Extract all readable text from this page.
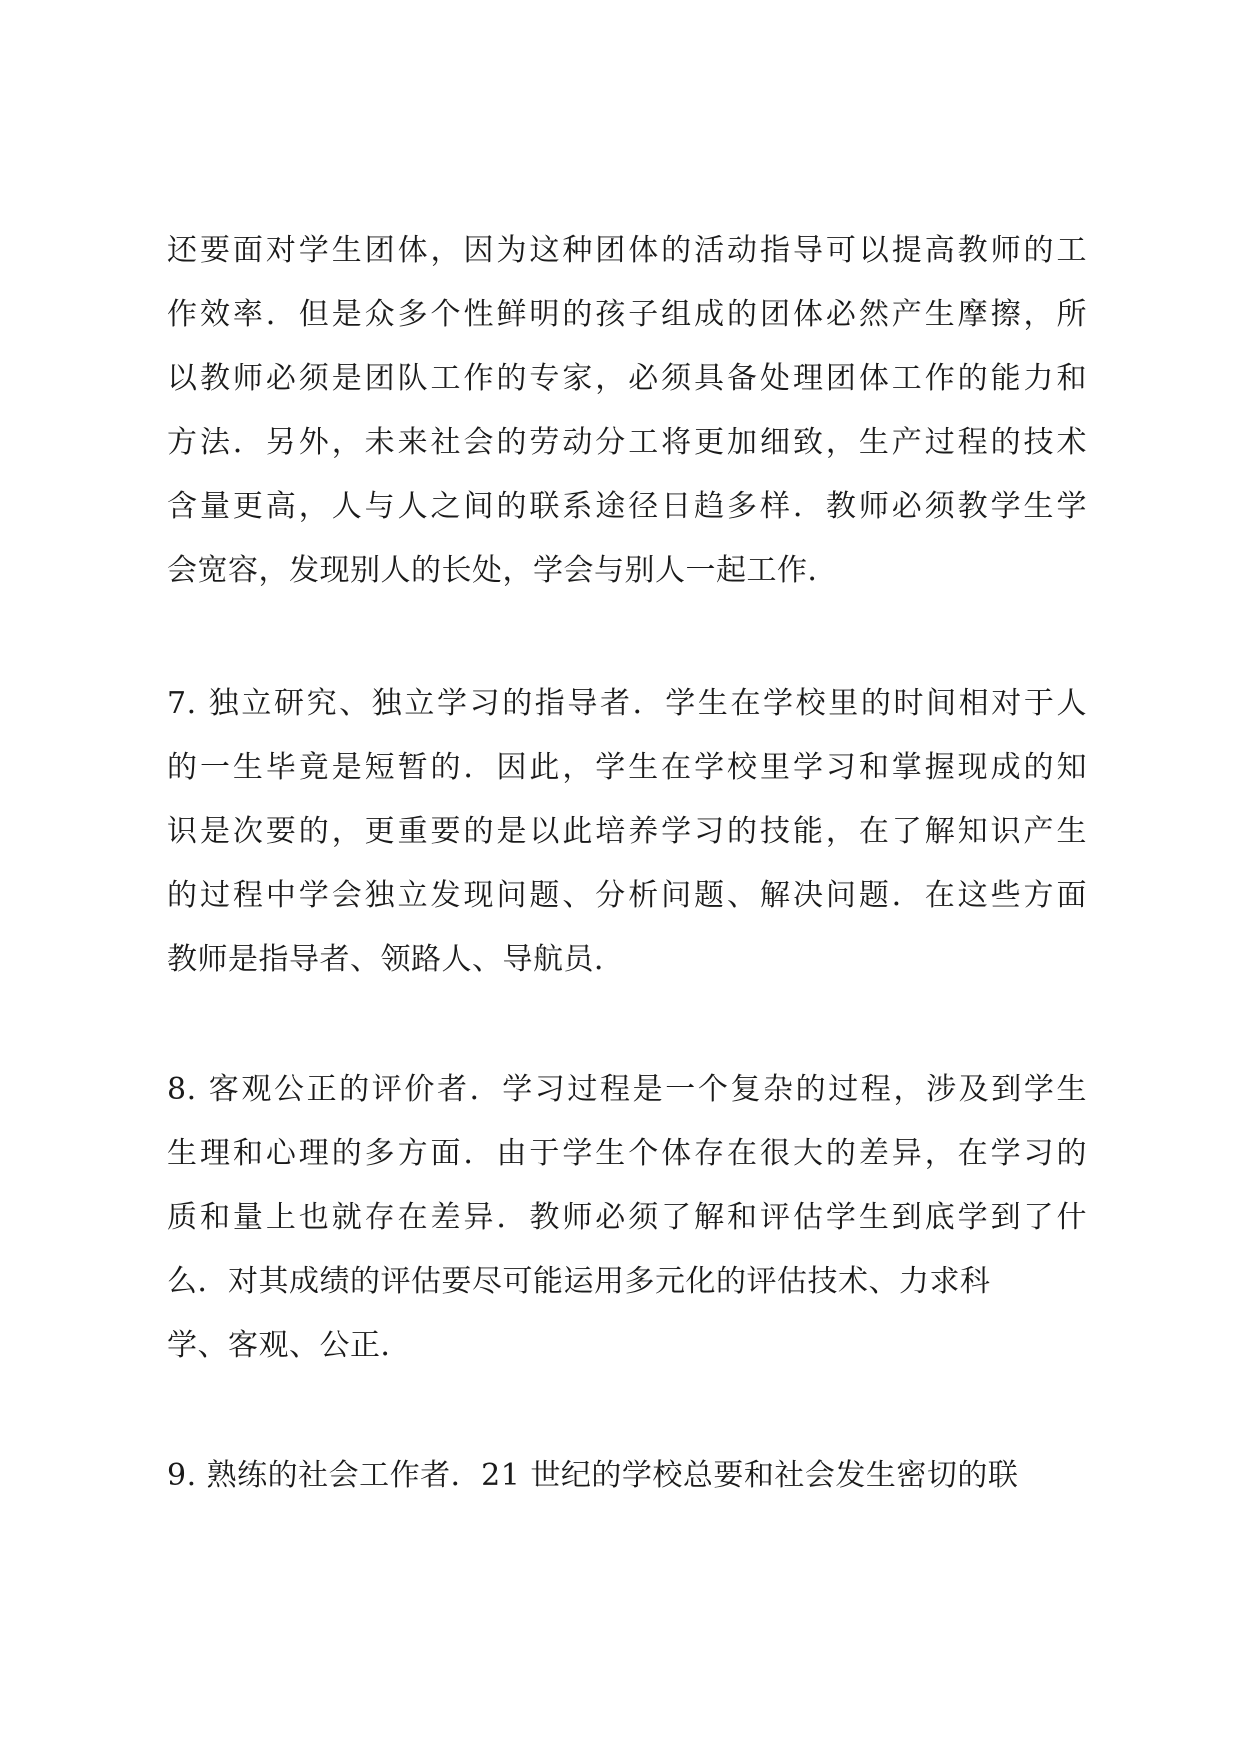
还要面对学生团体，因为这种团体的活动指导可以提高教师的工
作效率．但是众多个性鲜明的孩子组成的团体必然产生摩擦，所
以教师必须是团队工作的专家，必须具备处理团体工作的能力和
方法．另外，未来社会的劳动分工将更加细致，生产过程的技术
含量更高，人与人之间的联系途径日趋多样．教师必须教学生学
会宽容，发现别人的长处，学会与别人一起工作．
7. 独立研究、独立学习的指导者．学生在学校里的时间相对于人
的一生毕竟是短暂的．因此，学生在学校里学习和掌握现成的知
识是次要的，更重要的是以此培养学习的技能，在了解知识产生
的过程中学会独立发现问题、分析问题、解决问题．在这些方面
教师是指导者、领路人、导航员．
8. 客观公正的评价者．学习过程是一个复杂的过程，涉及到学生
生理和心理的多方面．由于学生个体存在很大的差异，在学习的
质和量上也就存在差异．教师必须了解和评估学生到底学到了什
么．对其成绩的评估要尽可能运用多元化的评估技术、力求科
学、客观、公正．
9. 熟练的社会工作者．21 世纪的学校总要和社会发生密切的联
